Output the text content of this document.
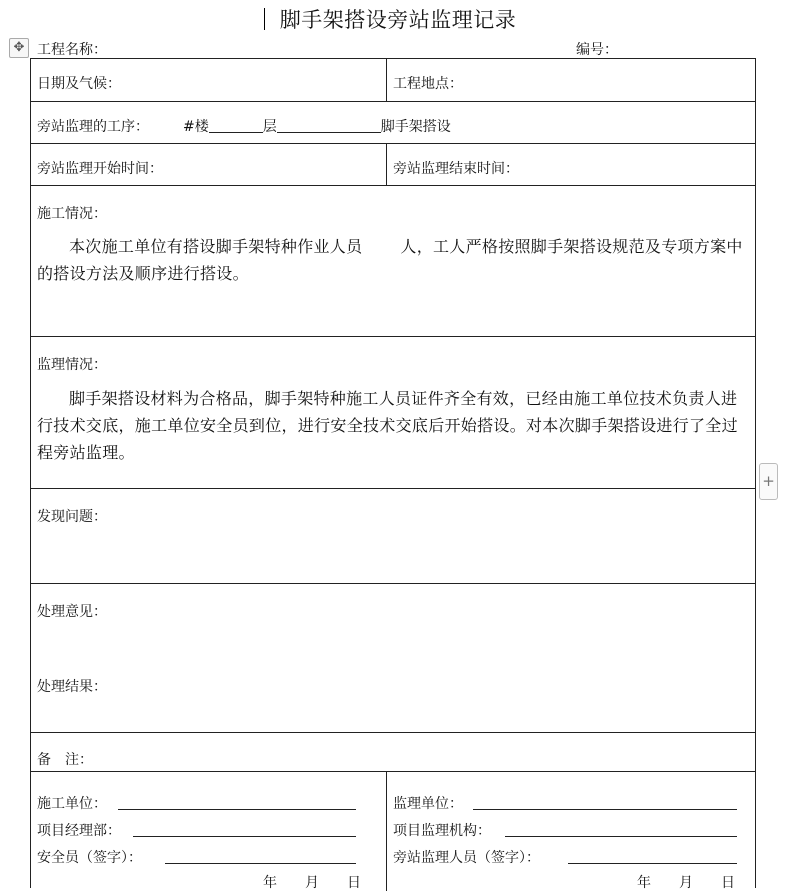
脚手架搭设旁站监理记录
✥
+
工程名称：	编号：
日期及气候：	工程地点：
旁站监理的工序： #楼	层	脚手架搭设
旁站监理开始时间：	旁站监理结束时间：
施工情况：
本次施工单位有搭设脚手架特种作业人员 人，工人严格按照脚手架搭设规范及专项方案中的搭设方法及顺序进行搭设。
监理情况：
脚手架搭设材料为合格品，脚手架特种施工人员证件齐全有效，已经由施工单位技术负责人进行技术交底，施工单位安全员到位，进行安全技术交底后开始搭设。对本次脚手架搭设进行了全过程旁站监理。
发现问题：
处理意见：
处理结果：
备　注：
施工单位：
项目经理部：
安全员（签字）：
年　　月　　日
监理单位：
项目监理机构：
旁站监理人员（签字）：
年　　月　　日
